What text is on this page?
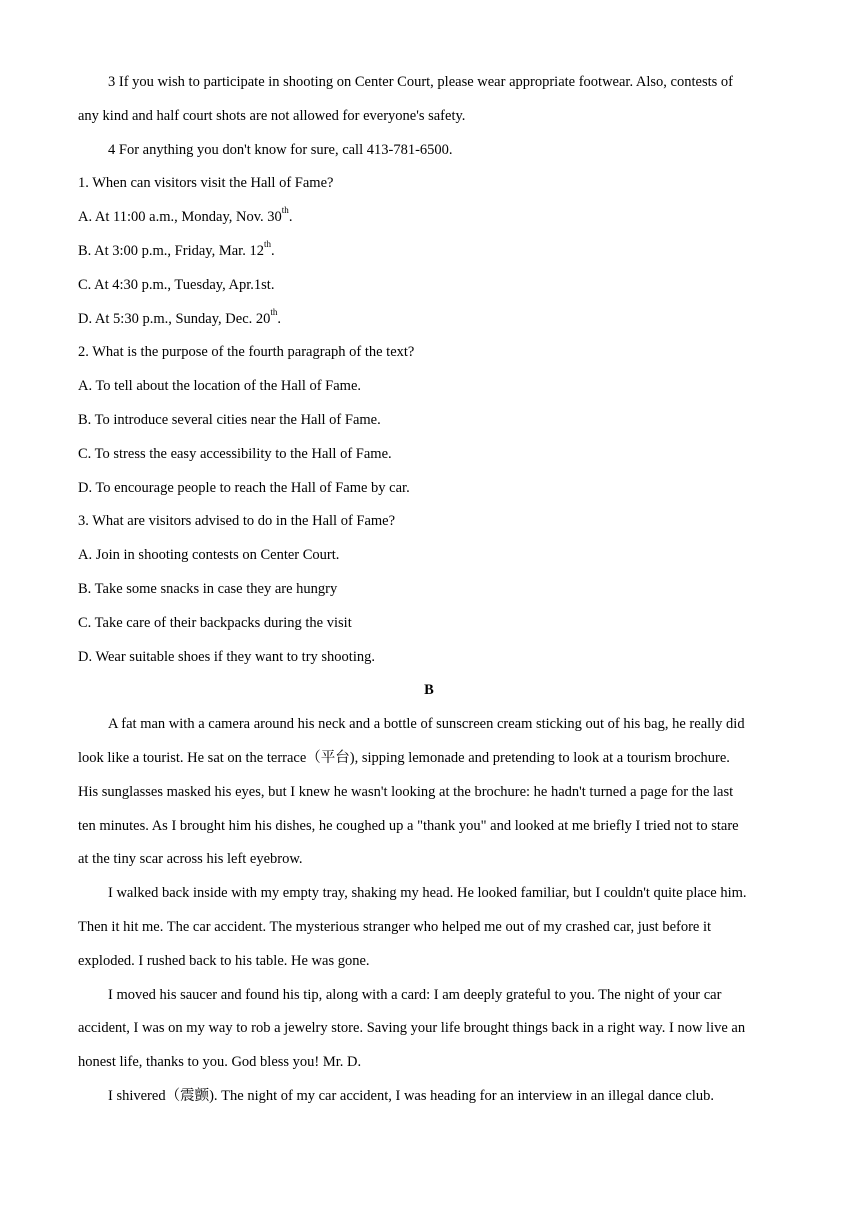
3 If you wish to participate in shooting on Center Court, please wear appropriate footwear. Also, contests of
any kind and half court shots are not allowed for everyone's safety.
4 For anything you don't know for sure, call 413-781-6500.
1. When can visitors visit the Hall of Fame?
A. At 11:00 a.m., Monday, Nov. 30th.
B. At 3:00 p.m., Friday, Mar. 12th.
C. At 4:30 p.m., Tuesday, Apr.1st.
D. At 5:30 p.m., Sunday, Dec. 20th.
2. What is the purpose of the fourth paragraph of the text?
A. To tell about the location of the Hall of Fame.
B. To introduce several cities near the Hall of Fame.
C. To stress the easy accessibility to the Hall of Fame.
D. To encourage people to reach the Hall of Fame by car.
3. What are visitors advised to do in the Hall of Fame?
A. Join in shooting contests on Center Court.
B. Take some snacks in case they are hungry
C. Take care of their backpacks during the visit
D. Wear suitable shoes if they want to try shooting.
B
A fat man with a camera around his neck and a bottle of sunscreen cream sticking out of his bag, he really did
look like a tourist. He sat on the terrace（平台), sipping lemonade and pretending to look at a tourism brochure.
His sunglasses masked his eyes, but I knew he wasn't looking at the brochure: he hadn't turned a page for the last
ten minutes. As I brought him his dishes, he coughed up a "thank you" and looked at me briefly I tried not to stare
at the tiny scar across his left eyebrow.
I walked back inside with my empty tray, shaking my head. He looked familiar, but I couldn't quite place him.
Then it hit me. The car accident. The mysterious stranger who helped me out of my crashed car, just before it
exploded. I rushed back to his table. He was gone.
I moved his saucer and found his tip, along with a card: I am deeply grateful to you. The night of your car
accident, I was on my way to rob a jewelry store. Saving your life brought things back in a right way. I now live an
honest life, thanks to you. God bless you! Mr. D.
I shivered（震颤). The night of my car accident, I was heading for an interview in an illegal dance club.
